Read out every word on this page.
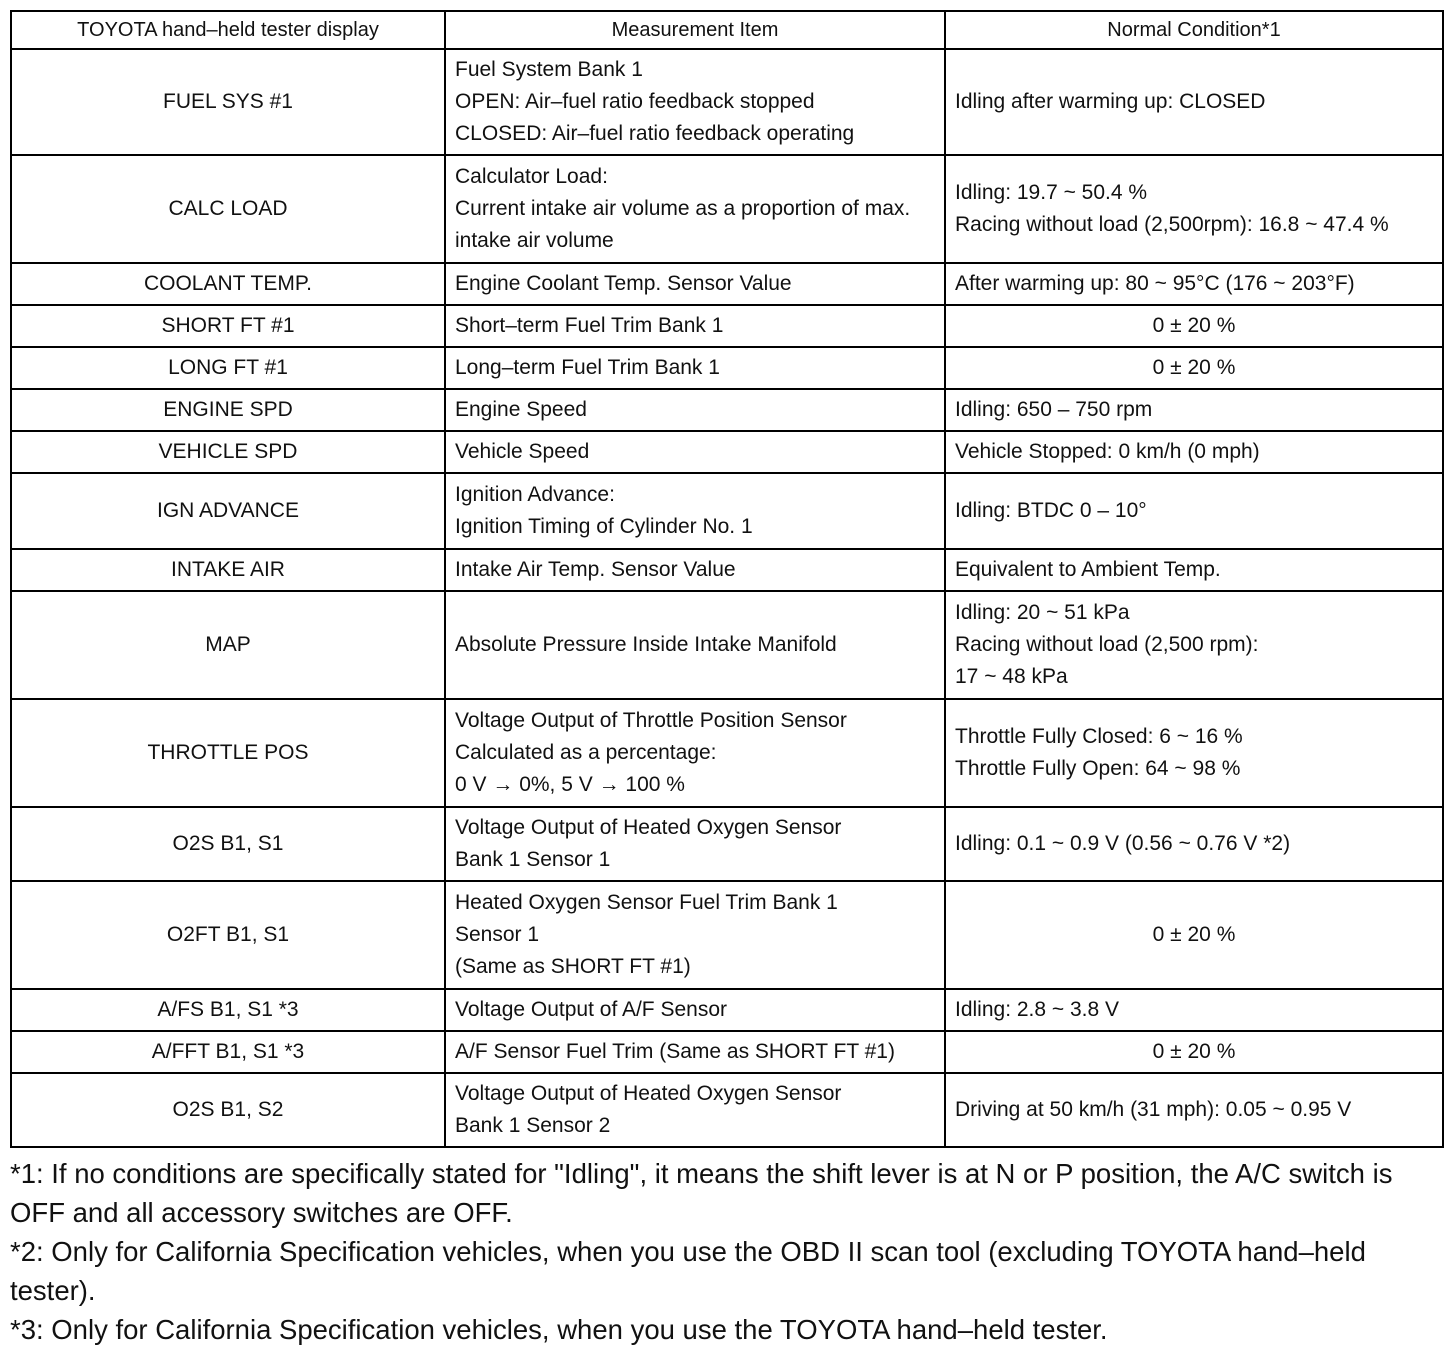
TOYOTA hand–held tester display	Measurement Item	Normal Condition*1
FUEL SYS #1	Fuel System Bank 1
OPEN: Air–fuel ratio feedback stopped
CLOSED: Air–fuel ratio feedback operating	Idling after warming up: CLOSED

CALC LOAD	Calculator Load:
Current intake air volume as a proportion of max.
intake air volume	Idling: 19.7 ~ 50.4 %
Racing without load (2,500rpm): 16.8 ~ 47.4 %

COOLANT TEMP.	Engine Coolant Temp. Sensor Value	After warming up: 80 ~ 95°C (176 ~ 203°F)

SHORT FT #1	Short–term Fuel Trim Bank 1	0 ± 20 %

LONG FT #1	Long–term Fuel Trim Bank 1	0 ± 20 %

ENGINE SPD	Engine Speed	Idling: 650 – 750 rpm

VEHICLE SPD	Vehicle Speed	Vehicle Stopped: 0 km/h (0 mph)

IGN ADVANCE	Ignition Advance:
Ignition Timing of Cylinder No. 1	Idling: BTDC 0 – 10°

INTAKE AIR	Intake Air Temp. Sensor Value	Equivalent to Ambient Temp.

MAP	Absolute Pressure Inside Intake Manifold	Idling: 20 ~ 51 kPa
Racing without load (2,500 rpm):
17 ~ 48 kPa

THROTTLE POS	Voltage Output of Throttle Position Sensor
Calculated as a percentage:
0 V → 0%, 5 V → 100 %	Throttle Fully Closed: 6 ~ 16 %
Throttle Fully Open: 64 ~ 98 %

O2S B1, S1	Voltage Output of Heated Oxygen Sensor
Bank 1 Sensor 1	Idling: 0.1 ~ 0.9 V (0.56 ~ 0.76 V *2)

O2FT B1, S1	Heated Oxygen Sensor Fuel Trim Bank 1
Sensor 1
(Same as SHORT FT #1)	0 ± 20 %

A/FS B1, S1 *3	Voltage Output of A/F Sensor	Idling: 2.8 ~ 3.8 V

A/FFT B1, S1 *3	A/F Sensor Fuel Trim (Same as SHORT FT #1)	0 ± 20 %

O2S B1, S2	Voltage Output of Heated Oxygen Sensor
Bank 1 Sensor 2	Driving at 50 km/h (31 mph): 0.05 ~ 0.95 V

*1: If no conditions are specifically stated for "Idling", it means the shift lever is at N or P position, the A/C switch is OFF and all accessory switches are OFF.

*2: Only for California Specification vehicles, when you use the OBD II scan tool (excluding TOYOTA hand–held tester).

*3: Only for California Specification vehicles, when you use the TOYOTA hand–held tester.
